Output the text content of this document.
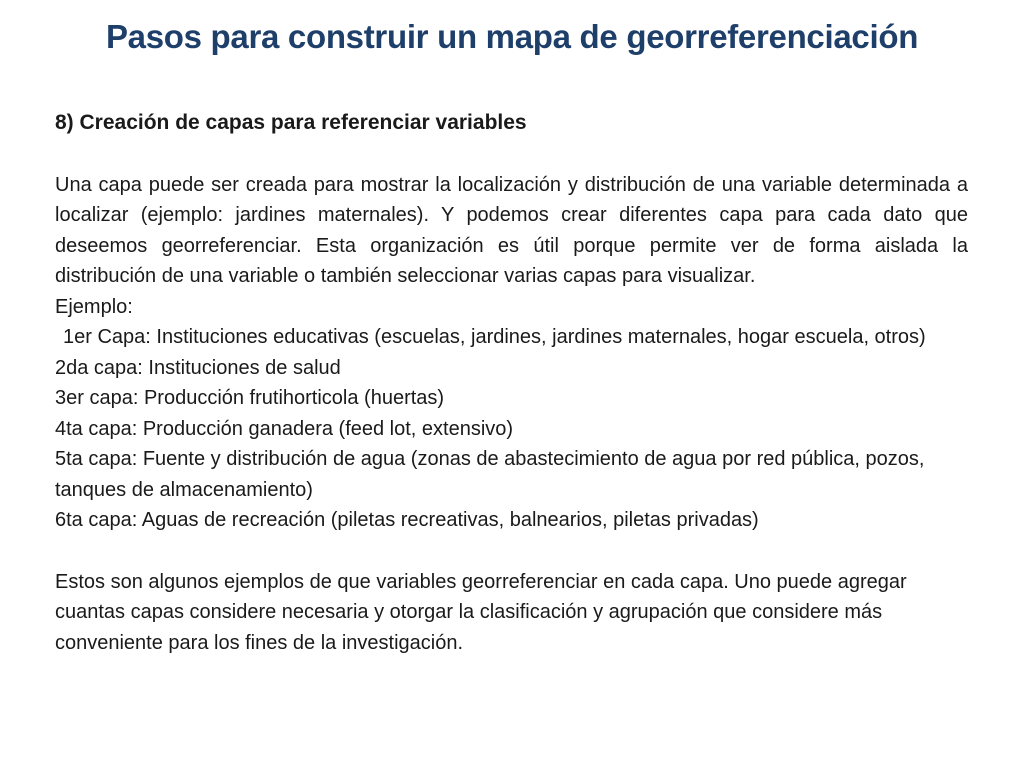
Pasos para construir un mapa de georreferenciación

8) Creación de capas para referenciar variables

Una capa puede ser creada para mostrar la localización y distribución de una variable determinada a localizar (ejemplo: jardines maternales). Y podemos crear diferentes capa para cada dato que deseemos georreferenciar. Esta organización es útil porque permite ver de forma aislada la distribución de una variable o también seleccionar varias capas para visualizar.

Ejemplo:

1er Capa: Instituciones educativas (escuelas, jardines, jardines maternales, hogar escuela, otros)

2da capa: Instituciones de salud

3er capa: Producción frutihorticola (huertas)

4ta capa: Producción ganadera (feed lot, extensivo)

5ta capa: Fuente y distribución de agua (zonas de abastecimiento de agua por red pública, pozos, tanques de almacenamiento)

6ta capa: Aguas de recreación (piletas recreativas, balnearios, piletas privadas)

Estos son algunos ejemplos de que variables georreferenciar en cada capa. Uno puede agregar cuantas capas considere necesaria y otorgar la clasificación y agrupación que considere más conveniente para los fines de la investigación.
